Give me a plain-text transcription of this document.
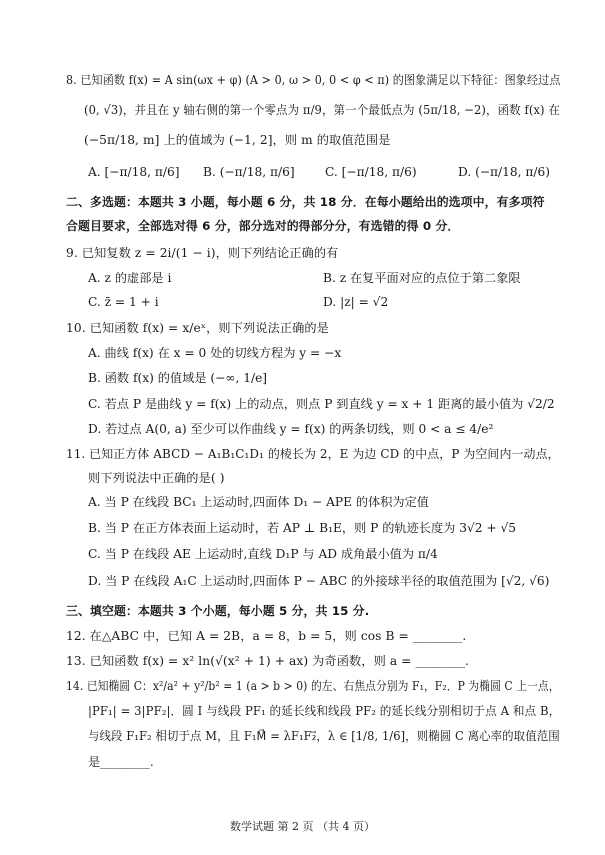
8. 已知函数 f(x) = A sin(ωx + φ) (A > 0, ω > 0, 0 < φ < π) 的图象满足以下特征：图象经过点
(0, √3)，并且在 y 轴右侧的第一个零点为 π/9，第一个最低点为 (5π/18, −2)，函数 f(x) 在
(−5π/18, m] 上的值域为 (−1, 2]，则 m 的取值范围是
A. [−π/18, π/6] B. (−π/18, π/6] C. [−π/18, π/6)	D. (−π/18, π/6)
二、多选题：本题共 3 小题，每小题 6 分，共 18 分．在每小题给出的选项中，有多项符
合题目要求，全部选对得 6 分，部分选对的得部分分，有选错的得 0 分．
9. 已知复数 z = 2i/(1 − i)，则下列结论正确的有
A. z 的虚部是 i	B. z 在复平面对应的点位于第二象限
C. z̄ = 1 + i	D. |z| = √2
10. 已知函数 f(x) = x/eˣ，则下列说法正确的是
A. 曲线 f(x) 在 x = 0 处的切线方程为 y = −x
B. 函数 f(x) 的值域是 (−∞, 1/e]
C. 若点 P 是曲线 y = f(x) 上的动点，则点 P 到直线 y = x + 1 距离的最小值为 √2/2
D. 若过点 A(0, a) 至少可以作曲线 y = f(x) 的两条切线，则 0 < a ≤ 4/e²
11. 已知正方体 ABCD − A₁B₁C₁D₁ 的棱长为 2，E 为边 CD 的中点，P 为空间内一动点，
则下列说法中正确的是( )
A. 当 P 在线段 BC₁ 上运动时,四面体 D₁ − APE 的体积为定值
B. 当 P 在正方体表面上运动时，若 AP ⊥ B₁E，则 P 的轨迹长度为 3√2 + √5
C. 当 P 在线段 AE 上运动时,直线 D₁P 与 AD 成角最小值为 π/4
D. 当 P 在线段 A₁C 上运动时,四面体 P − ABC 的外接球半径的取值范围为 [√2, √6)
三、填空题：本题共 3 个小题，每小题 5 分，共 15 分.
12. 在△ABC 中，已知 A = 2B，a = 8，b = 5，则 cos B = ________.
13. 已知函数 f(x) = x² ln(√(x² + 1) + ax) 为奇函数，则 a = ________.
14. 已知椭圆 C：x²/a² + y²/b² = 1 (a > b > 0) 的左、右焦点分别为 F₁，F₂．P 为椭圆 C 上一点，
|PF₁| = 3|PF₂|．圆 I 与线段 PF₁ 的延长线和线段 PF₂ 的延长线分别相切于点 A 和点 B，
与线段 F₁F₂ 相切于点 M，且 F₁M⃗ = λF₁F₂⃗，λ ∈ [1/8, 1/6]，则椭圆 C 离心率的取值范围
是________.
数学试题 第 2 页 （共 4 页）
